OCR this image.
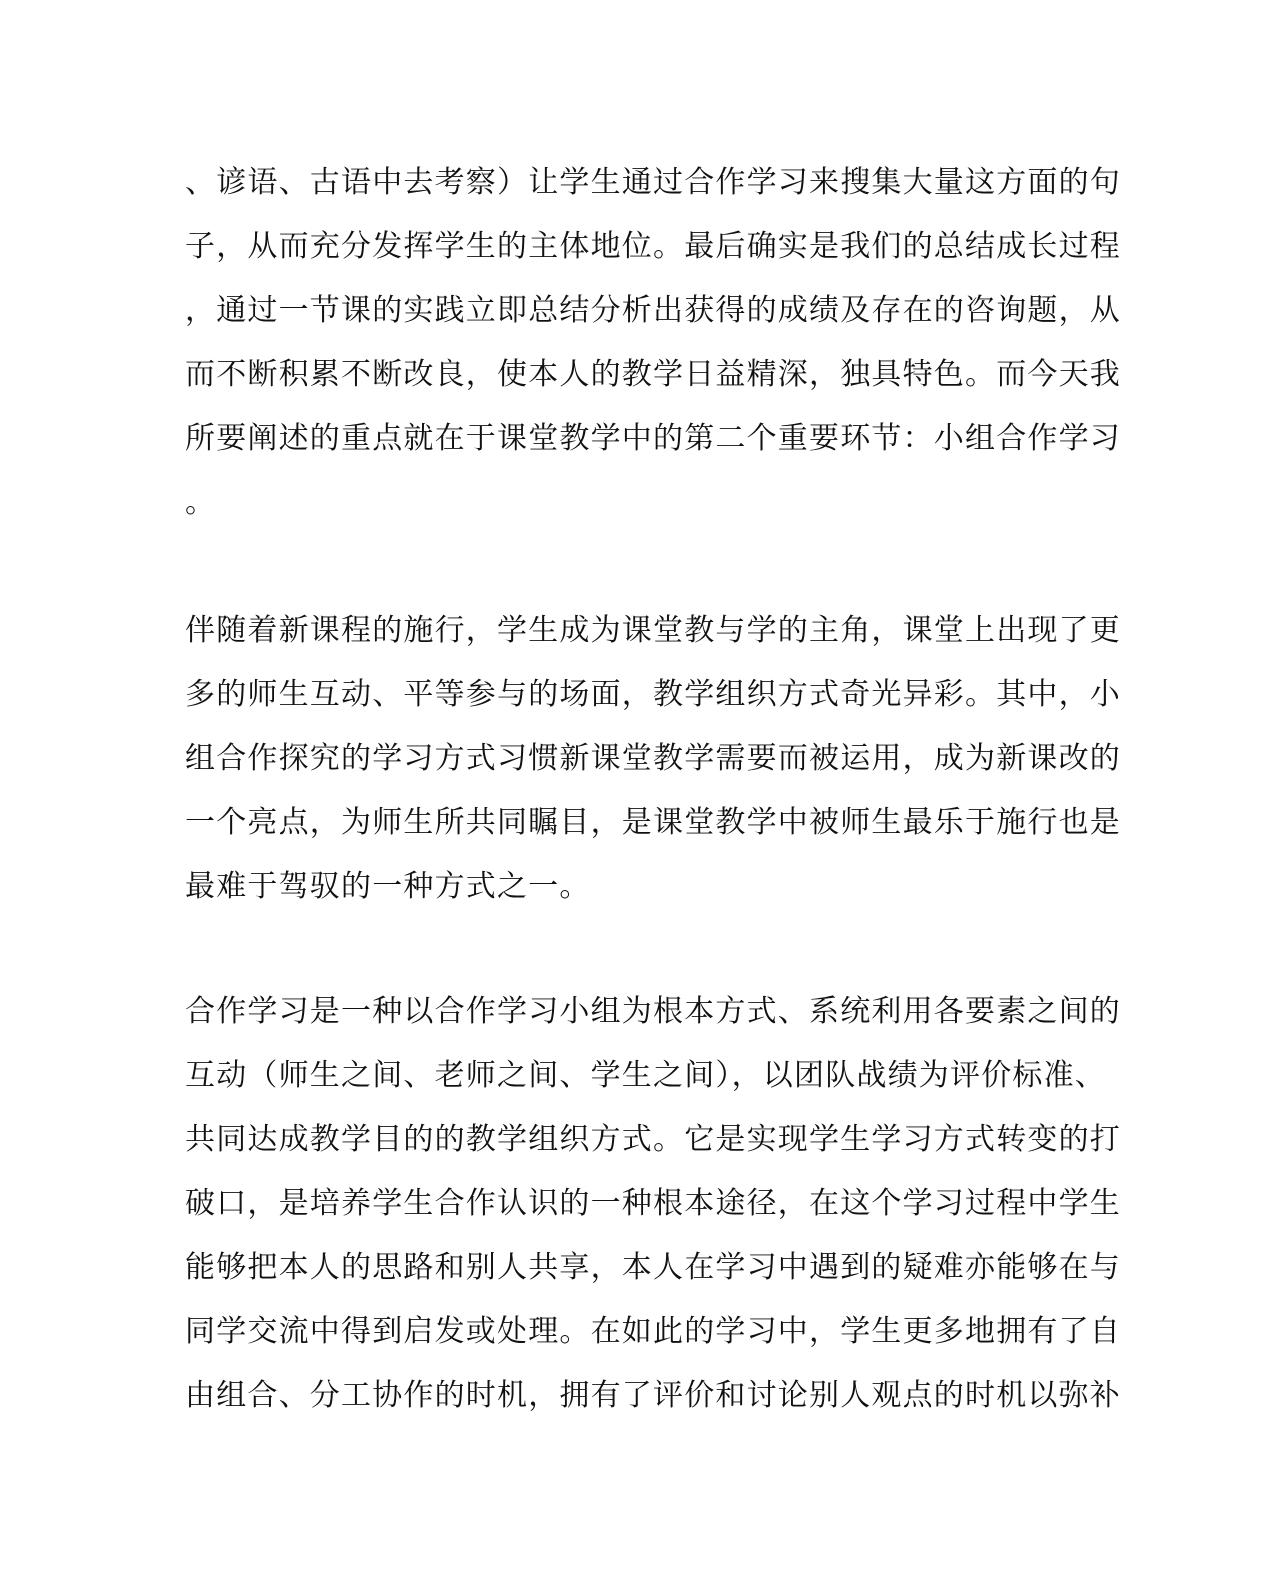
、谚语、古语中去考察）让学生通过合作学习来搜集大量这方面的句
子，从而充分发挥学生的主体地位。最后确实是我们的总结成长过程
，通过一节课的实践立即总结分析出获得的成绩及存在的咨询题，从
而不断积累不断改良，使本人的教学日益精深，独具特色。而今天我
所要阐述的重点就在于课堂教学中的第二个重要环节：小组合作学习
。
伴随着新课程的施行，学生成为课堂教与学的主角，课堂上出现了更
多的师生互动、平等参与的场面，教学组织方式奇光异彩。其中，小
组合作探究的学习方式习惯新课堂教学需要而被运用，成为新课改的
一个亮点，为师生所共同瞩目，是课堂教学中被师生最乐于施行也是
最难于驾驭的一种方式之一。
合作学习是一种以合作学习小组为根本方式、系统利用各要素之间的
互动（师生之间、老师之间、学生之间），以团队战绩为评价标准、
共同达成教学目的的教学组织方式。它是实现学生学习方式转变的打
破口，是培养学生合作认识的一种根本途径，在这个学习过程中学生
能够把本人的思路和别人共享，本人在学习中遇到的疑难亦能够在与
同学交流中得到启发或处理。在如此的学习中，学生更多地拥有了自
由组合、分工协作的时机，拥有了评价和讨论别人观点的时机以弥补
